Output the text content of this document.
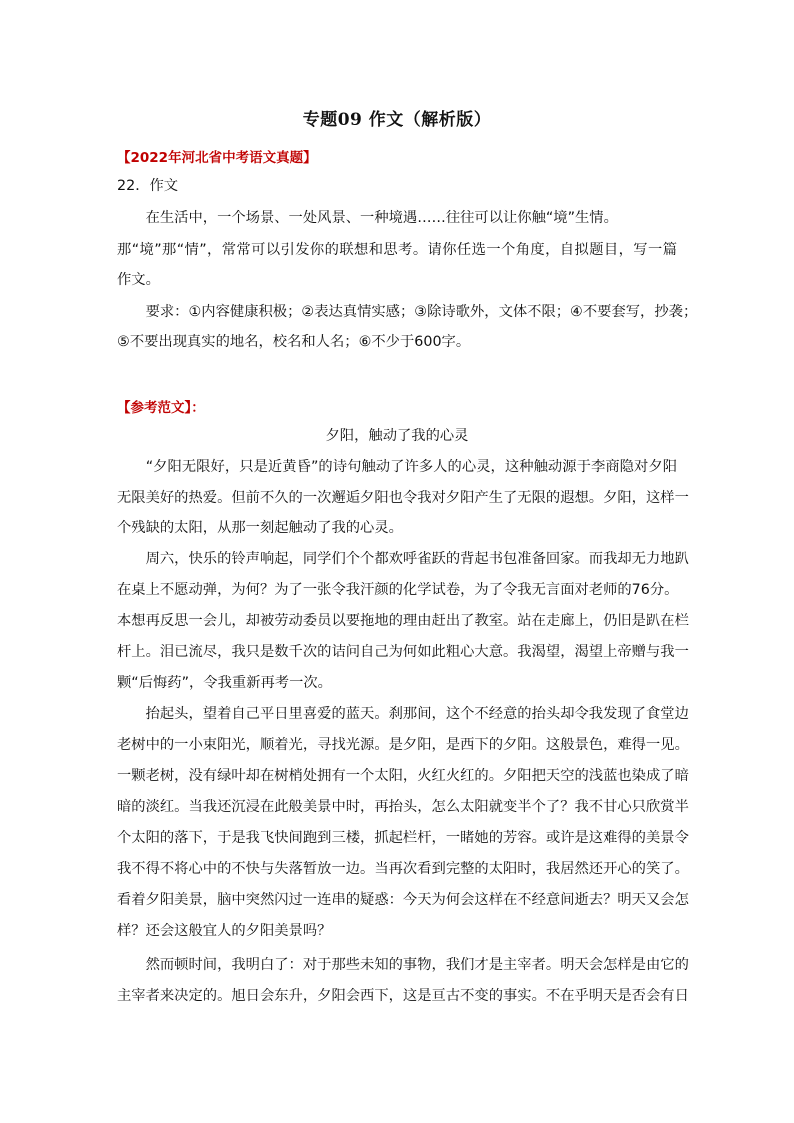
专题09 作文（解析版）
【2022年河北省中考语文真题】
22．作文
　　在生活中，一个场景、一处风景、一种境遇……往往可以让你触“境”生情。
那“境”那“情”，常常可以引发你的联想和思考。请你任选一个角度，自拟题目，写一篇
作文。
　　要求：①内容健康积极；②表达真情实感；③除诗歌外，文体不限；④不要套写，抄袭；
⑤不要出现真实的地名，校名和人名；⑥不少于600字。
【参考范文】：
夕阳，触动了我的心灵
　　“夕阳无限好，只是近黄昏”的诗句触动了许多人的心灵，这种触动源于李商隐对夕阳
无限美好的热爱。但前不久的一次邂逅夕阳也令我对夕阳产生了无限的遐想。夕阳，这样一
个残缺的太阳，从那一刻起触动了我的心灵。
　　周六，快乐的铃声响起，同学们个个都欢呼雀跃的背起书包准备回家。而我却无力地趴
在桌上不愿动弹，为何？为了一张令我汗颜的化学试卷，为了令我无言面对老师的76分。
本想再反思一会儿，却被劳动委员以要拖地的理由赶出了教室。站在走廊上，仍旧是趴在栏
杆上。泪已流尽，我只是数千次的诘问自己为何如此粗心大意。我渴望，渴望上帝赠与我一
颗“后悔药”，令我重新再考一次。
　　抬起头，望着自己平日里喜爱的蓝天。刹那间，这个不经意的抬头却令我发现了食堂边
老树中的一小束阳光，顺着光，寻找光源。是夕阳，是西下的夕阳。这般景色，难得一见。
一颗老树，没有绿叶却在树梢处拥有一个太阳，火红火红的。夕阳把天空的浅蓝也染成了暗
暗的淡红。当我还沉浸在此般美景中时，再抬头，怎么太阳就变半个了？我不甘心只欣赏半
个太阳的落下，于是我飞快间跑到三楼，抓起栏杆，一睹她的芳容。或许是这难得的美景令
我不得不将心中的不快与失落暂放一边。当再次看到完整的太阳时，我居然还开心的笑了。
看着夕阳美景，脑中突然闪过一连串的疑惑：今天为何会这样在不经意间逝去？明天又会怎
样？还会这般宜人的夕阳美景吗？
　　然而顿时间，我明白了：对于那些未知的事物，我们才是主宰者。明天会怎样是由它的
主宰者来决定的。旭日会东升，夕阳会西下，这是亘古不变的事实。不在乎明天是否会有日
